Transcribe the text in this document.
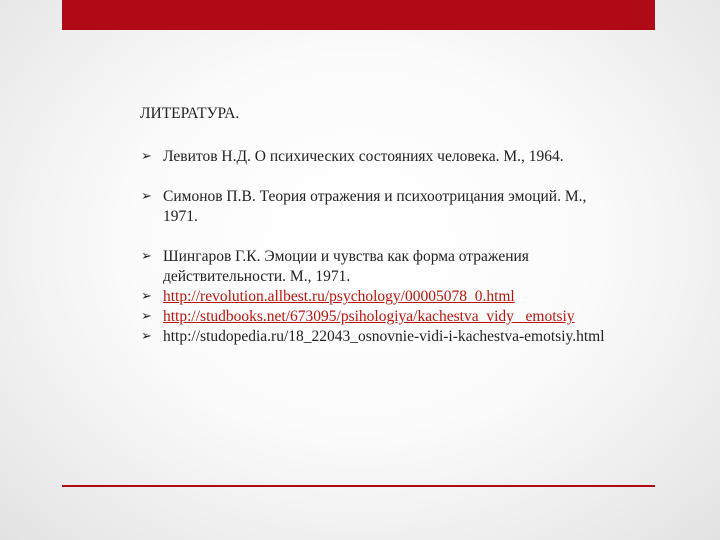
ЛИТЕРАТУРА.

➢ Левитов Н.Д. О психических состояниях человека. М., 1964.
➢ Симонов П.В. Теория отражения и психоотрицания эмоций. М., 1971.
➢ Шингаров Г.К. Эмоции и чувства как форма отражения действительности. М., 1971.
➢ http://revolution.allbest.ru/psychology/00005078_0.html
➢ http://studbooks.net/673095/psihologiya/kachestva_vidy_ emotsiy
➢ http://studopedia.ru/18_22043_osnovnie-vidi-i-kachestva-emotsiy.html
